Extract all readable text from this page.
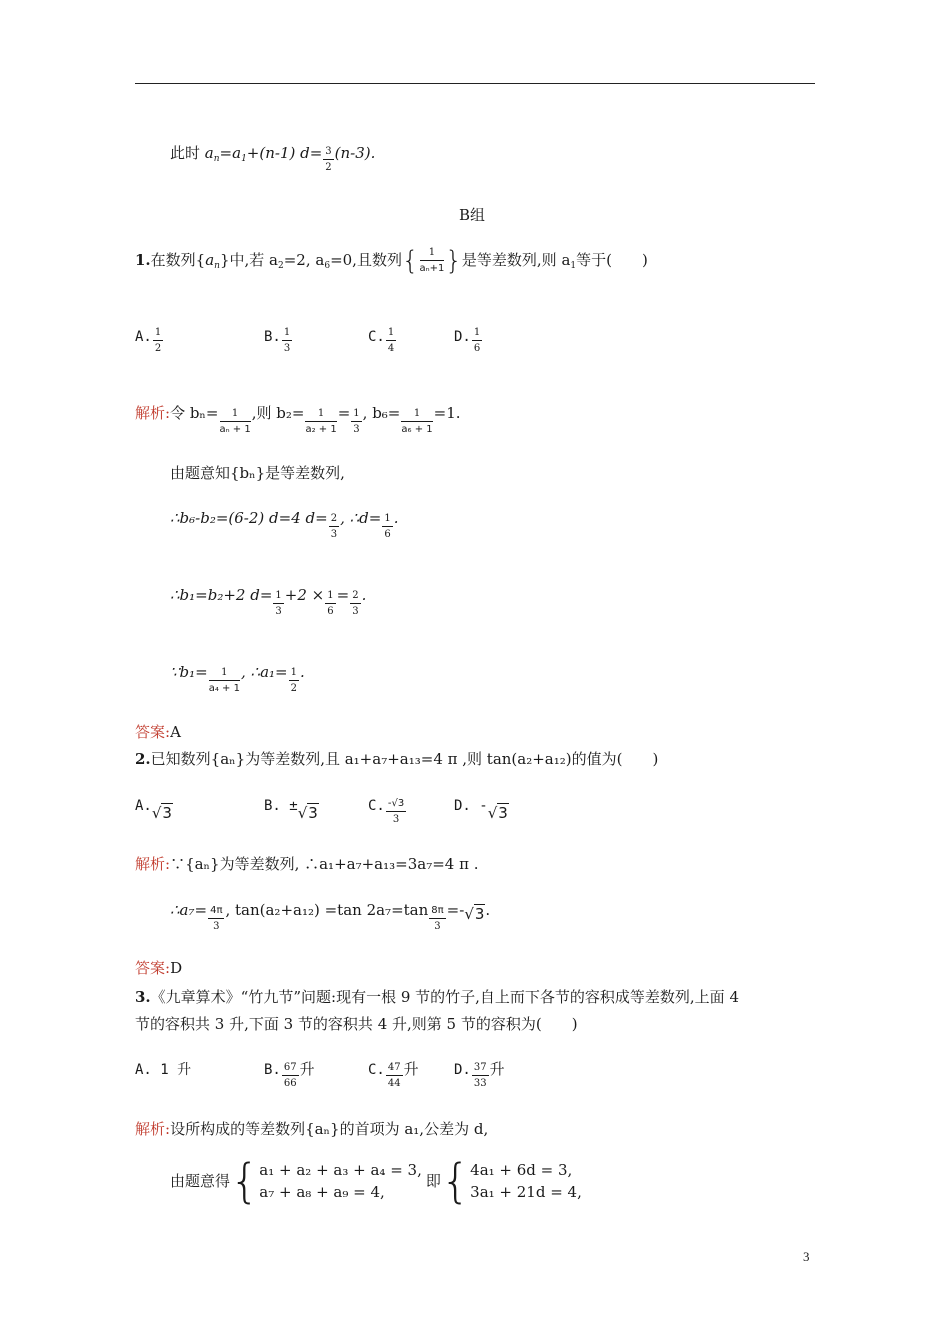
此时 $a_n=a_1+(n-1)$ $d= \frac{3}{2} (n-3)$.
B组
1.在数列$\{a_n\}$中,若 $a_2=2$, $a_6=0$,且数列{ $\frac{1}{\text{aₙ+1}}$ }是等差数列,则 $a_1$等于(　　)
A. $\frac{1}{2}$	B. $\frac{1}{3}$	C. $\frac{1}{4}$	D. $\frac{1}{6}$
解析:令 $b_n= \frac{1}{\text{aₙ + 1}}$ ,则 $b_2= \frac{1}{\text{a₂ + 1}} = \frac{1}{3}$ , $b_6= \frac{1}{\text{a₆ + 1}} =1$.
由题意知{bₙ}是等差数列,
∴b₆-b₂=(6-2) d=4 $d= \frac{2}{3}$ , ∴d= $\frac{1}{6}$ .
∴b₁=b₂+2 $d= \frac{1}{3} +2 \times \frac{1}{6} = \frac{2}{3}$ .
∵b₁= $\frac{1}{\text{a₄ + 1}}$ , ∴a₁= $\frac{1}{2}$ .
答案:A
2.已知数列{aₙ}为等差数列,且 a₁+a₇+a₁₃=4 π ,则 tan(a₂+a₁₂)的值为(　　)
A.√3	B. ±√3	C. $\frac{-√3}{3}$	D. -√3
解析:∵{aₙ}为等差数列, ∴a₁+a₇+a₁₃=3a₇=4 π .
∴a₇= $\frac{4\pi}{3}$ , tan(a₂+a₁₂) =tan $2a_7=\tan \frac{8\pi}{3} =-√3$.
答案:D
3.《九章算术》“竹九节”问题:现有一根 9 节的竹子,自上而下各节的容积成等差数列,上面 4
节的容积共 3 升,下面 3 节的容积共 4 升,则第 5 节的容积为(　　)
A. 1 升	B. $\frac{67}{66}$ 升	C. $\frac{47}{44}$ 升	D. $\frac{37}{33}$ 升
解析:设所构成的等差数列{aₙ}的首项为 a₁,公差为 d,
由题意得{ a₁ + a₂ + a₃ + a₄ = 3,
a₇ + a₈ + a₉ = 4,
即{ 4a₁ + 6d = 3,
3a₁ + 21d = 4,
3
